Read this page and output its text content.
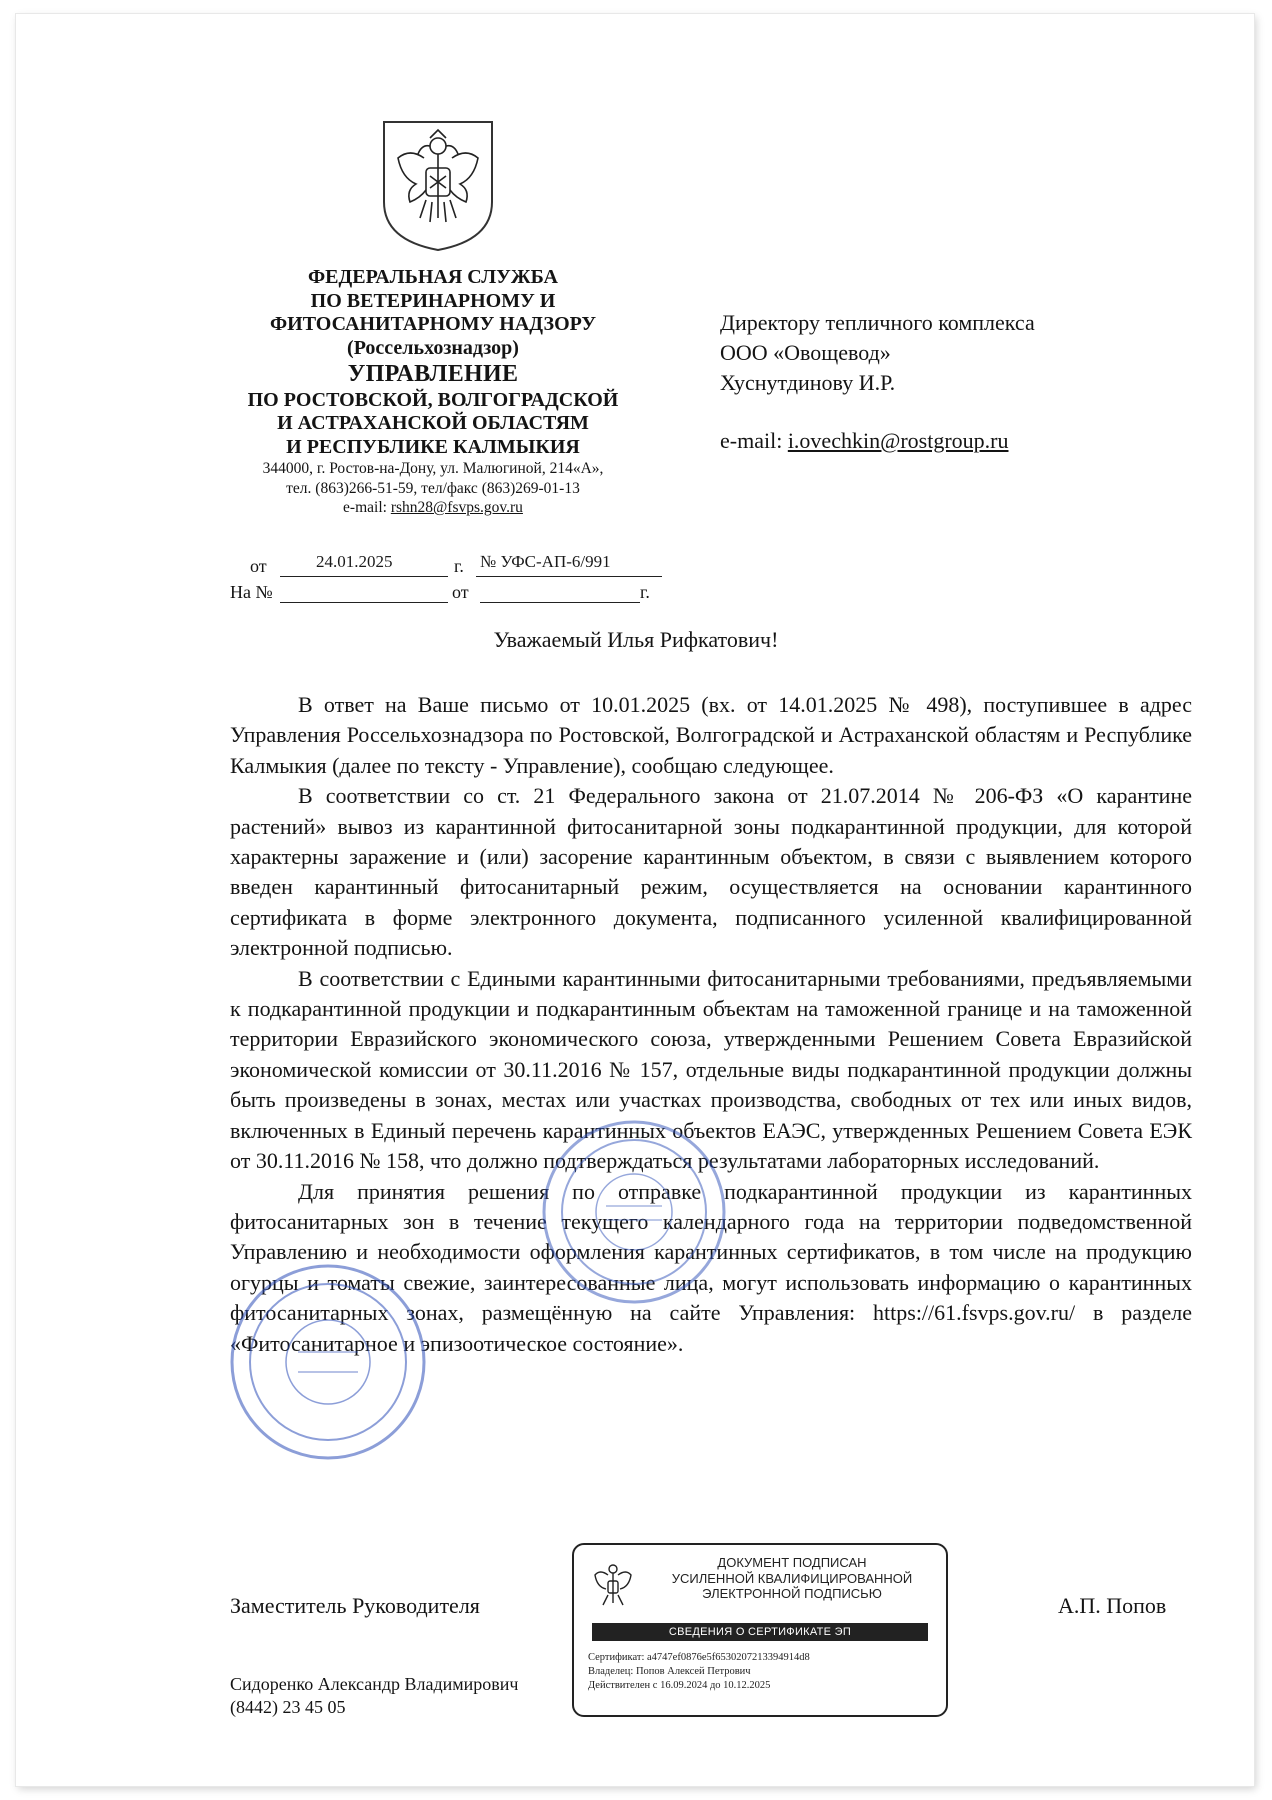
ФЕДЕРАЛЬНАЯ СЛУЖБА
ПО ВЕТЕРИНАРНОМУ И
ФИТОСАНИТАРНОМУ НАДЗОРУ
(Россельхознадзор)
УПРАВЛЕНИЕ
ПО РОСТОВСКОЙ, ВОЛГОГРАДСКОЙ
И АСТРАХАНСКОЙ ОБЛАСТЯМ
И РЕСПУБЛИКЕ КАЛМЫКИЯ
344000, г. Ростов-на-Дону, ул. Малюгиной, 214«А»,
тел. (863)266-51-59, тел/факс (863)269-01-13
e-mail: rshn28@fsvps.gov.ru
от	24.01.2025	г. № УФС-АП-6/991
На №	от	г.
Директору тепличного комплекса
ООО «Овощевод»
Хуснутдинову И.Р.
e-mail: i.ovechkin@rostgroup.ru
Уважаемый Илья Рифкатович!

В ответ на Ваше письмо от 10.01.2025 (вх. от 14.01.2025 № 498), поступившее в адрес Управления Россельхознадзора по Ростовской, Волгоградской и Астраханской областям и Республике Калмыкия (далее по тексту - Управление), сообщаю следующее.

В соответствии со ст. 21 Федерального закона от 21.07.2014 № 206-ФЗ «О карантине растений» вывоз из карантинной фитосанитарной зоны подкарантинной продукции, для которой характерны заражение и (или) засорение карантинным объектом, в связи с выявлением которого введен карантинный фитосанитарный режим, осуществляется на основании карантинного сертификата в форме электронного документа, подписанного усиленной квалифицированной электронной подписью.

В соответствии с Едиными карантинными фитосанитарными требованиями, предъявляемыми к подкарантинной продукции и подкарантинным объектам на таможенной границе и на таможенной территории Евразийского экономического союза, утвержденными Решением Совета Евразийской экономической комиссии от 30.11.2016 № 157, отдельные виды подкарантинной продукции должны быть произведены в зонах, местах или участках производства, свободных от тех или иных видов, включенных в Единый перечень карантинных объектов ЕАЭС, утвержденных Решением Совета ЕЭК от 30.11.2016 № 158, что должно подтверждаться результатами лабораторных исследований.

Для принятия решения по отправке подкарантинной продукции из карантинных фитосанитарных зон в течение текущего календарного года на территории подведомственной Управлению и необходимости оформления карантинных сертификатов, в том числе на продукцию огурцы и томаты свежие, заинтересованные лица, могут использовать информацию о карантинных фитосанитарных зонах, размещённую на сайте Управления: https://61.fsvps.gov.ru/ в разделе «Фитосанитарное и эпизоотическое состояние».

ДОКУМЕНТ ПОДПИСАН
УСИЛЕННОЙ КВАЛИФИЦИРОВАННОЙ
ЭЛЕКТРОННОЙ ПОДПИСЬЮ
СВЕДЕНИЯ О СЕРТИФИКАТЕ ЭП
Сертификат: a4747ef0876e5f6530207213394914d8
Владелец: Попов Алексей Петрович
Действителен с 16.09.2024 до 10.12.2025
Заместитель Руководителя	А.П. Попов
Сидоренко Александр Владимирович
(8442) 23 45 05
